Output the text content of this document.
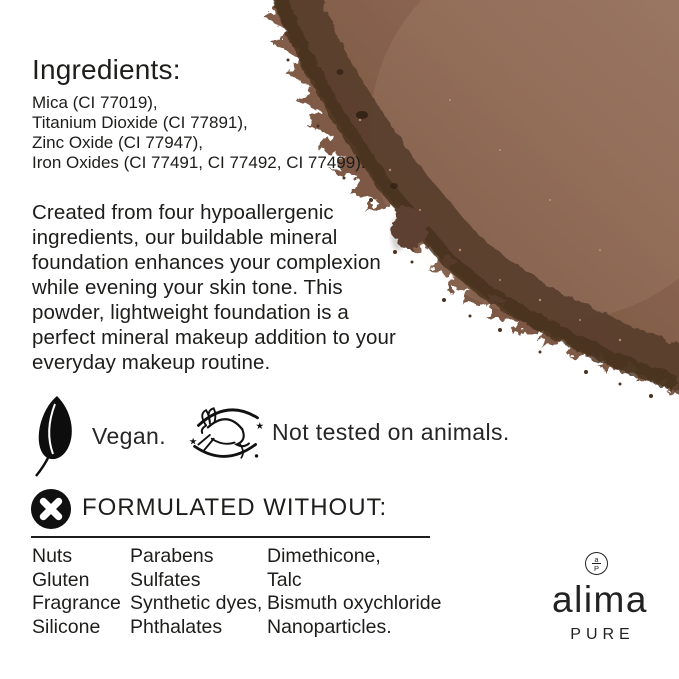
Ingredients:
Mica (CI 77019),
Titanium Dioxide (CI 77891),
Zinc Oxide (CI 77947),
Iron Oxides (CI 77491, CI 77492, CI 77499).
Created from four hypoallergenic
ingredients, our buildable mineral
foundation enhances your complexion
while evening your skin tone. This
powder, lightweight foundation is a
perfect mineral makeup addition to your
everyday makeup routine.
Vegan. ★
★ Not tested on animals.
FORMULATED WITHOUT:
Nuts
Gluten
Fragrance
Silicone
Parabens
Sulfates
Synthetic dyes,
Phthalates
Dimethicone,
Talc
Bismuth oxychloride
Nanoparticles.
a
P
alima
PURE
